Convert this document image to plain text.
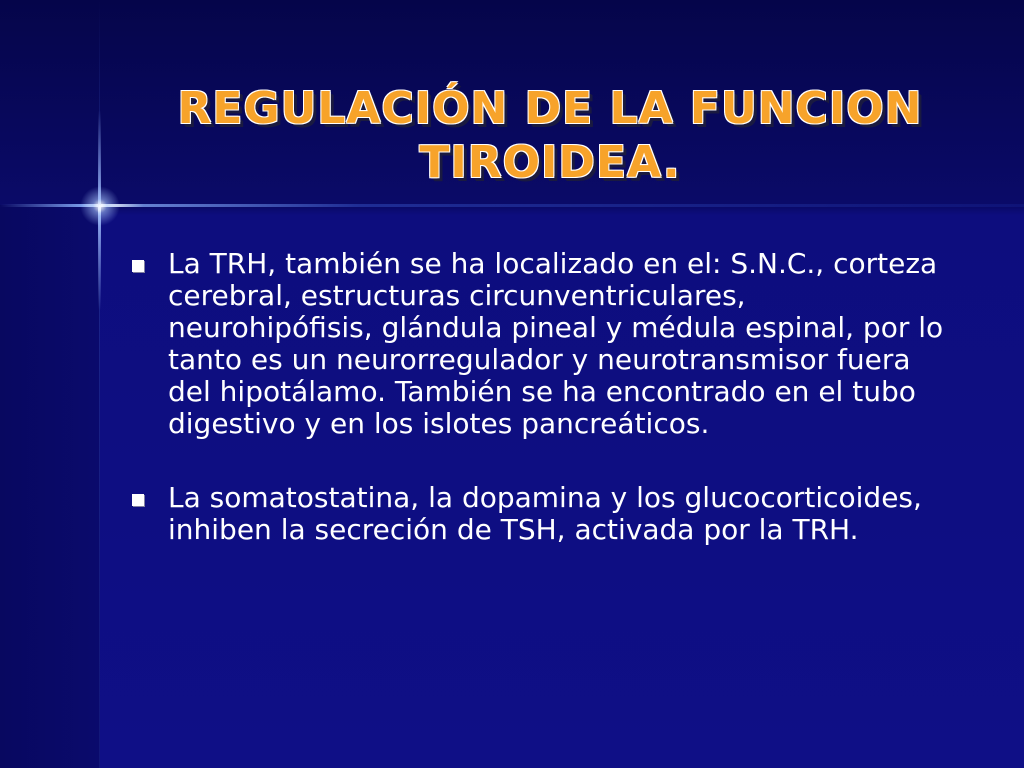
REGULACIÓN DE LA FUNCION
TIROIDEA.
La TRH, también se ha localizado en el: S.N.C., corteza cerebral, estructuras circunventriculares, neurohipófisis, glándula pineal y médula espinal, por lo tanto es un neurorregulador y neurotransmisor fuera del hipotálamo. También se ha encontrado en el tubo digestivo y en los islotes pancreáticos.
La somatostatina, la dopamina y los glucocorticoides, inhiben la secreción de TSH, activada por la TRH.
